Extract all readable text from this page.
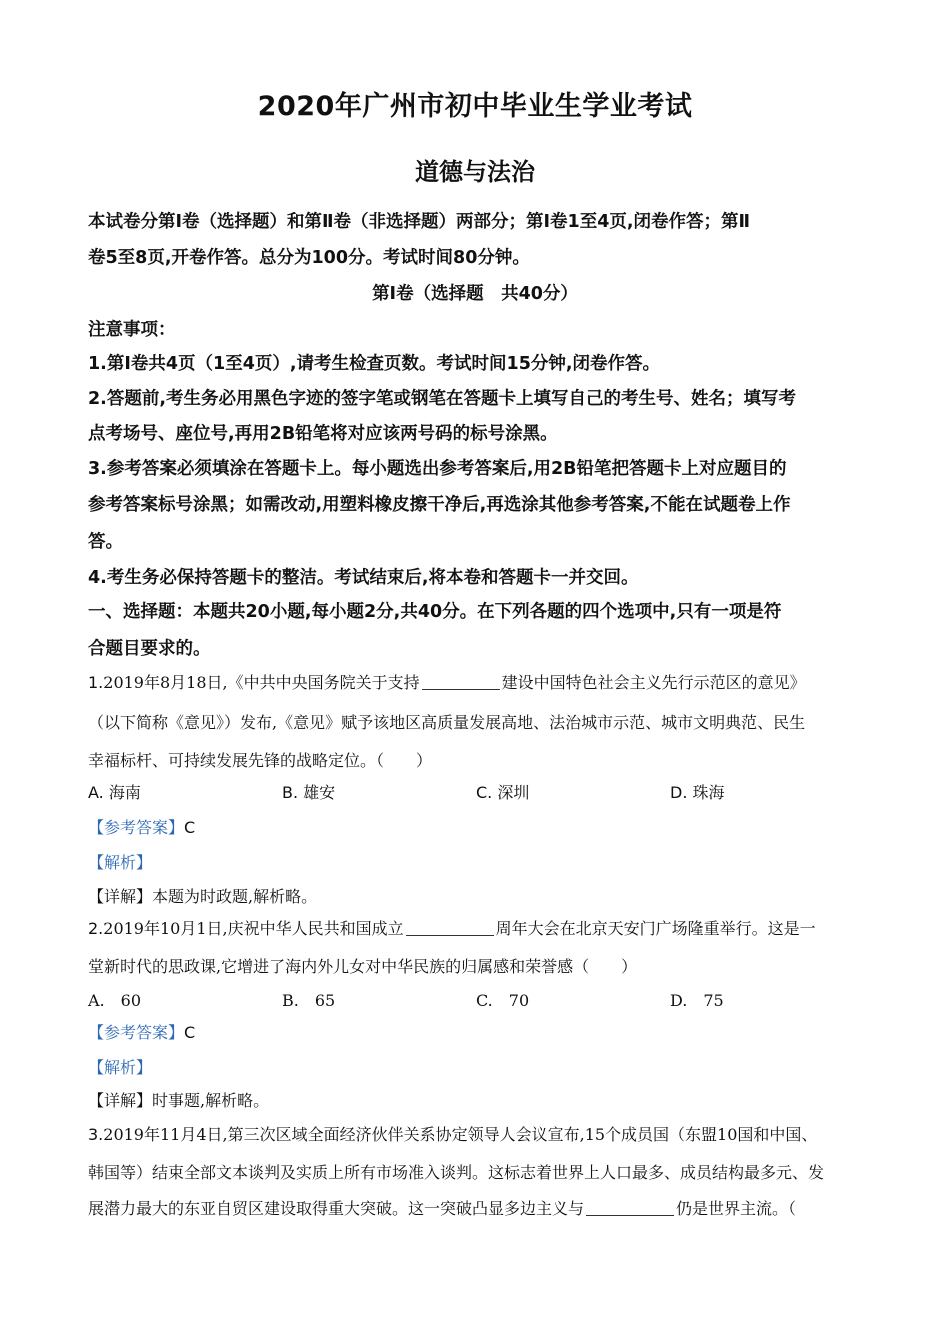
2020年广州市初中毕业生学业考试
道德与法治
本试卷分第Ⅰ卷（选择题）和第Ⅱ卷（非选择题）两部分；第Ⅰ卷1至4页,闭卷作答；第Ⅱ
卷5至8页,开卷作答。总分为100分。考试时间80分钟。
第Ⅰ卷（选择题　共40分）
注意事项：
1.第Ⅰ卷共4页（1至4页）,请考生检查页数。考试时间15分钟,闭卷作答。
2.答题前,考生务必用黑色字迹的签字笔或钢笔在答题卡上填写自己的考生号、姓名；填写考
点考场号、座位号,再用2B铅笔将对应该两号码的标号涂黑。
3.参考答案必须填涂在答题卡上。每小题选出参考答案后,用2B铅笔把答题卡上对应题目的
参考答案标号涂黑；如需改动,用塑料橡皮擦干净后,再选涂其他参考答案,不能在试题卷上作
答。
4.考生务必保持答题卡的整洁。考试结束后,将本卷和答题卡一并交回。
一、选择题：本题共20小题,每小题2分,共40分。在下列各题的四个选项中,只有一项是符
合题目要求的。
1.2019年8月18日,《中共中央国务院关于支持	建设中国特色社会主义先行示范区的意见》
（以下简称《意见》）发布,《意见》赋予该地区高质量发展高地、法治城市示范、城市文明典范、民生
幸福标杆、可持续发展先锋的战略定位。（　　）
A. 海南	B. 雄安	C. 深圳	D. 珠海
【参考答案】C
【解析】
【详解】本题为时政题,解析略。
2.2019年10月1日,庆祝中华人民共和国成立	周年大会在北京天安门广场隆重举行。这是一
堂新时代的思政课,它增进了海内外儿女对中华民族的归属感和荣誉感（　　）
A.　60	B.　65	C.　70	D.　75
【参考答案】C
【解析】
【详解】时事题,解析略。
3.2019年11月4日,第三次区域全面经济伙伴关系协定领导人会议宣布,15个成员国（东盟10国和中国、
韩国等）结束全部文本谈判及实质上所有市场准入谈判。这标志着世界上人口最多、成员结构最多元、发
展潜力最大的东亚自贸区建设取得重大突破。这一突破凸显多边主义与	仍是世界主流。（
